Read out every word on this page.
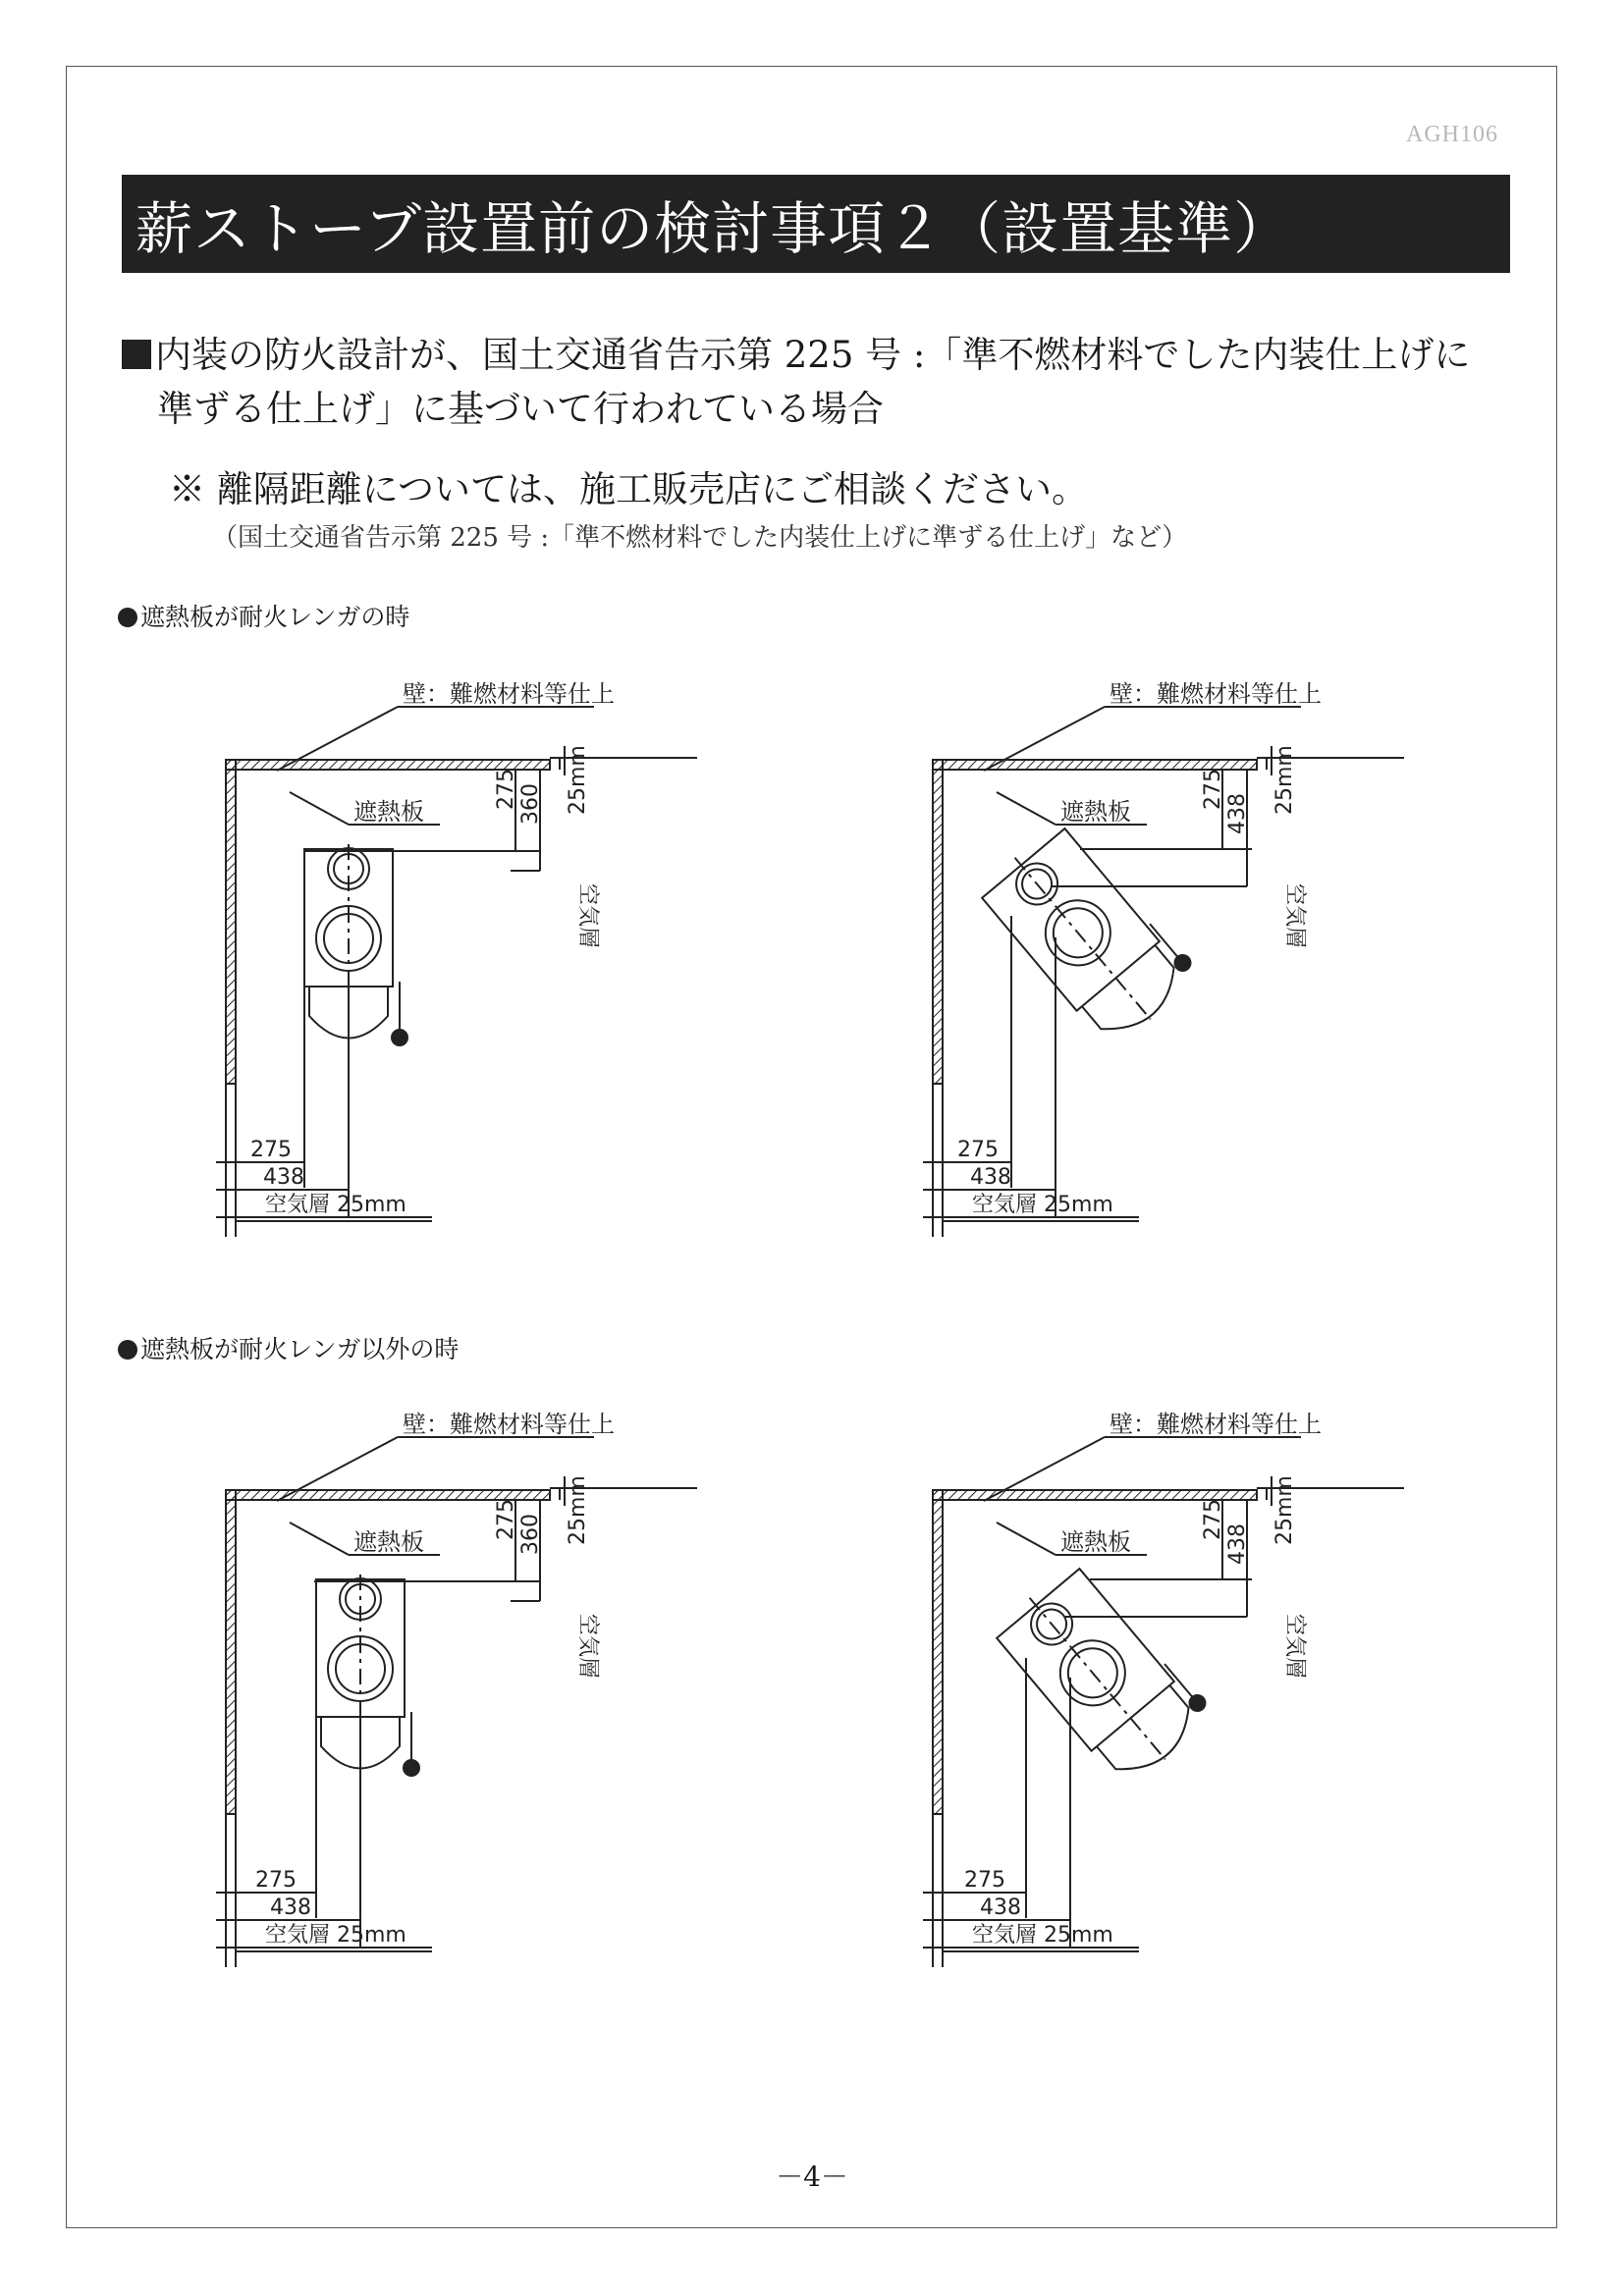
AGH106
薪ストーブ設置前の検討事項２（設置基準）
内装の防火設計が、国土交通省告示第 225 号 :「準不燃材料でした内装仕上げに
準ずる仕上げ」に基づいて行われている場合
※ 離隔距離については、施工販売店にご相談ください。
（国土交通省告示第 225 号 :「準不燃材料でした内装仕上げに準ずる仕上げ」など）
遮熱板が耐火レンガの時
遮熱板が耐火レンガ以外の時
壁：難燃材料等仕上
遮熱板
275 360 25mm
空気層
275
438
空気層 25mm
壁：難燃材料等仕上
遮熱板
275
438 25mm
空気層
275
438
空気層 25mm
壁：難燃材料等仕上
遮熱板
275 360 25mm
空気層
275
438
空気層 25mm
壁：難燃材料等仕上
遮熱板
275
438 25mm
空気層
275
438
空気層 25mm
－4－
